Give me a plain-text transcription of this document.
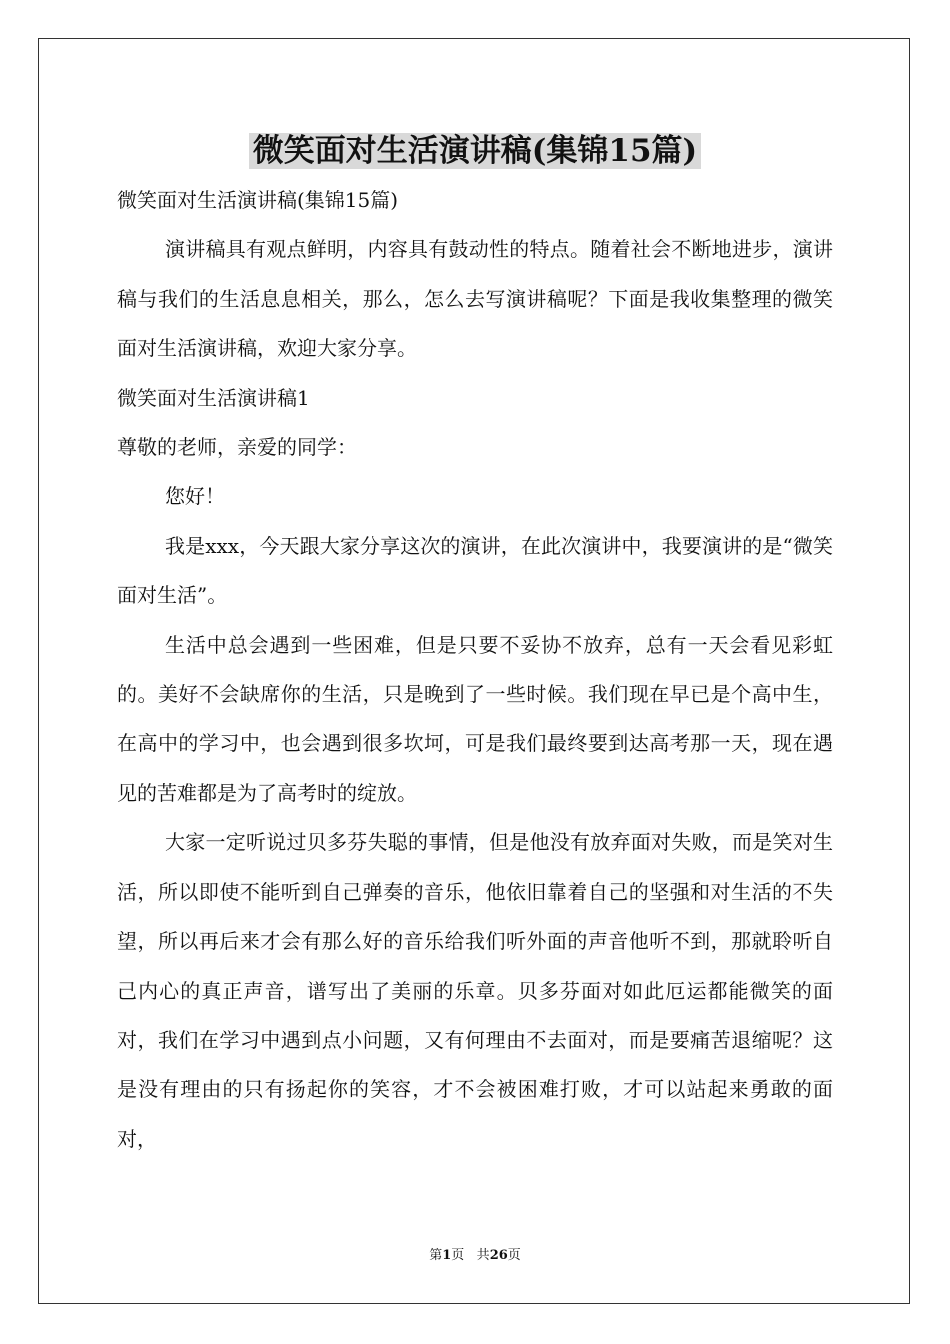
微笑面对生活演讲稿(集锦15篇)

微笑面对生活演讲稿(集锦15篇)

演讲稿具有观点鲜明，内容具有鼓动性的特点。随着社会不断地进步，演讲稿与我们的生活息息相关，那么，怎么去写演讲稿呢？下面是我收集整理的微笑面对生活演讲稿，欢迎大家分享。

微笑面对生活演讲稿1

尊敬的老师，亲爱的同学：

您好！

我是xxx，今天跟大家分享这次的演讲，在此次演讲中，我要演讲的是“微笑面对生活”。

生活中总会遇到一些困难，但是只要不妥协不放弃，总有一天会看见彩虹的。美好不会缺席你的生活，只是晚到了一些时候。我们现在早已是个高中生，在高中的学习中，也会遇到很多坎坷，可是我们最终要到达高考那一天，现在遇见的苦难都是为了高考时的绽放。

大家一定听说过贝多芬失聪的事情，但是他没有放弃面对失败，而是笑对生活，所以即使不能听到自己弹奏的音乐，他依旧靠着自己的坚强和对生活的不失望，所以再后来才会有那么好的音乐给我们听外面的声音他听不到，那就聆听自己内心的真正声音，谱写出了美丽的乐章。贝多芬面对如此厄运都能微笑的面对，我们在学习中遇到点小问题，又有何理由不去面对，而是要痛苦退缩呢？这是没有理由的只有扬起你的笑容，才不会被困难打败，才可以站起来勇敢的面对，

第1页 共26页
